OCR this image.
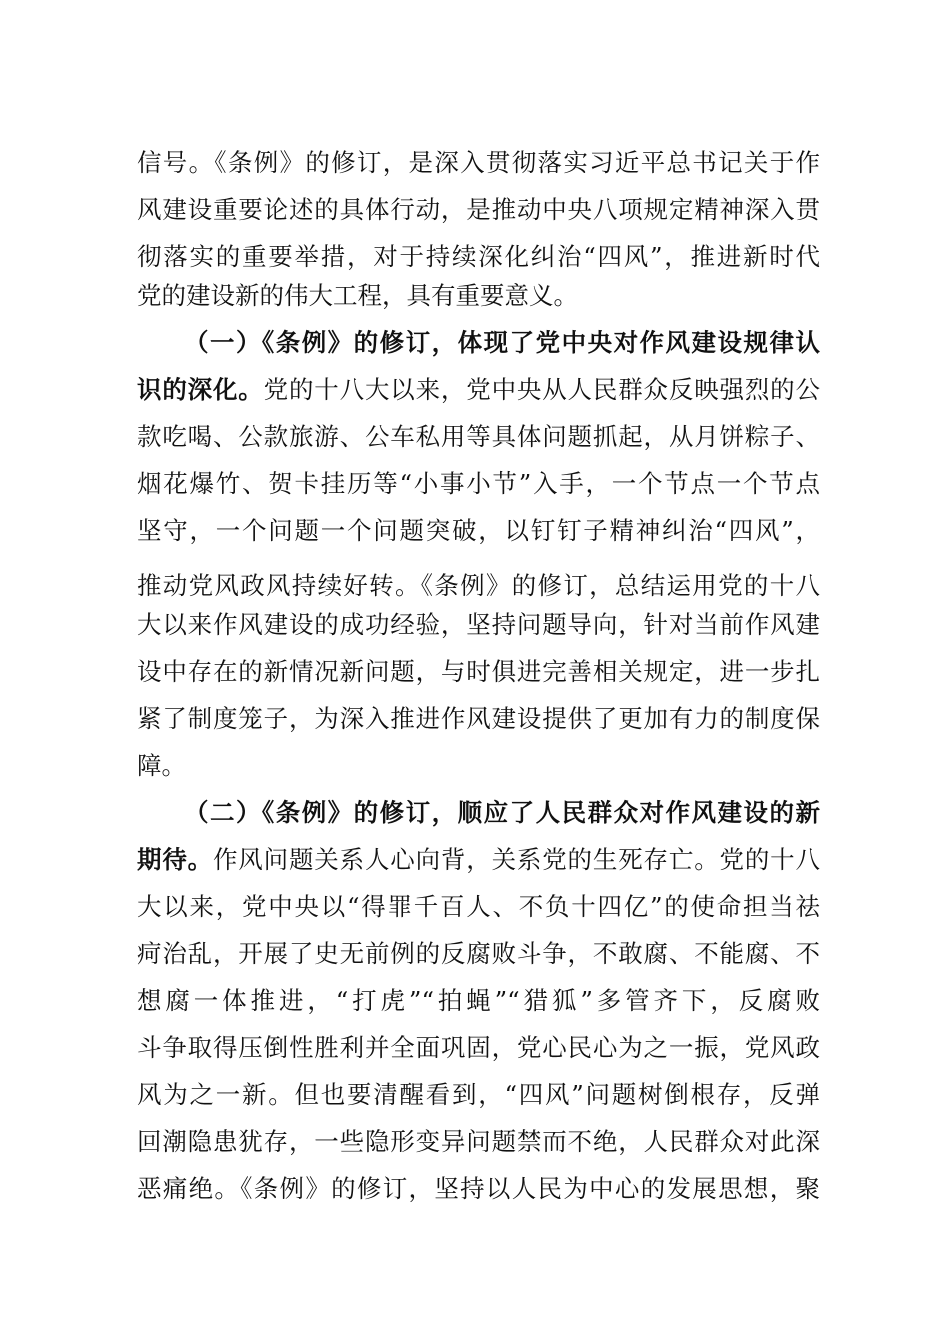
信号。《条例》的修订，是深入贯彻落实习近平总书记关于作
风建设重要论述的具体行动，是推动中央八项规定精神深入贯
彻落实的重要举措，对于持续深化纠治“四风”，推进新时代
党的建设新的伟大工程，具有重要意义。
（一）《条例》的修订，体现了党中央对作风建设规律认
识的深化。党的十八大以来，党中央从人民群众反映强烈的公
款吃喝、公款旅游、公车私用等具体问题抓起，从月饼粽子、
烟花爆竹、贺卡挂历等“小事小节”入手，一个节点一个节点
坚守，一个问题一个问题突破，以钉钉子精神纠治“四风”，
推动党风政风持续好转。《条例》的修订，总结运用党的十八
大以来作风建设的成功经验，坚持问题导向，针对当前作风建
设中存在的新情况新问题，与时俱进完善相关规定，进一步扎
紧了制度笼子，为深入推进作风建设提供了更加有力的制度保
障。
（二）《条例》的修订，顺应了人民群众对作风建设的新
期待。作风问题关系人心向背，关系党的生死存亡。党的十八
大以来，党中央以“得罪千百人、不负十四亿”的使命担当祛
疴治乱，开展了史无前例的反腐败斗争，不敢腐、不能腐、不
想腐一体推进，“打虎”“拍蝇”“猎狐”多管齐下，反腐败
斗争取得压倒性胜利并全面巩固，党心民心为之一振，党风政
风为之一新。但也要清醒看到，“四风”问题树倒根存，反弹
回潮隐患犹存，一些隐形变异问题禁而不绝，人民群众对此深
恶痛绝。《条例》的修订，坚持以人民为中心的发展思想，聚
